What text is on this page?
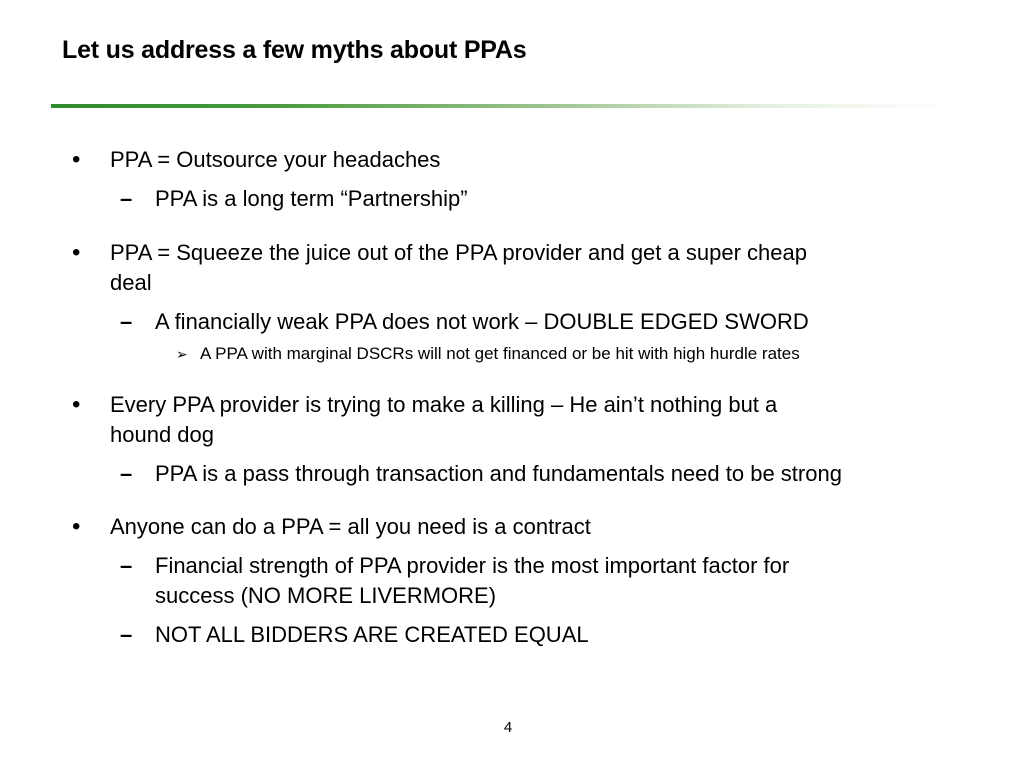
Let us address a few myths about PPAs
• PPA = Outsource your headaches
– PPA is a long term “Partnership”
• PPA = Squeeze the juice out of the PPA provider and get a super cheap
deal
– A financially weak PPA does not work – DOUBLE EDGED SWORD
➢ A PPA with marginal DSCRs will not get financed or be hit with high hurdle rates
• Every PPA provider is trying to make a killing – He ain’t nothing but a
hound dog
– PPA is a pass through transaction and fundamentals need to be strong
• Anyone can do a PPA = all you need is a contract
– Financial strength of PPA provider is the most important factor for
success (NO MORE LIVERMORE)
– NOT ALL BIDDERS ARE CREATED EQUAL
4
